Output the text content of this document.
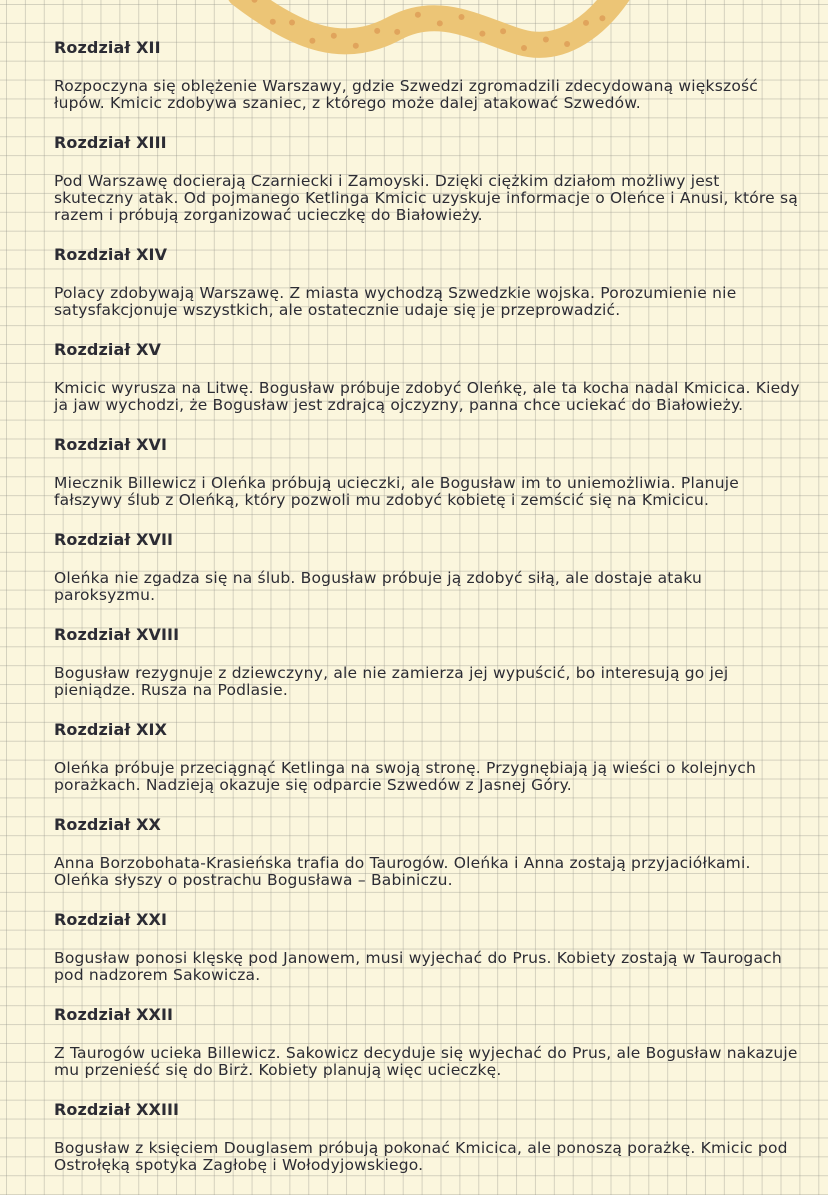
Rozdział XII
Rozpoczyna się oblężenie Warszawy, gdzie Szwedzi zgromadzili zdecydowaną większość łupów. Kmicic zdobywa szaniec, z którego może dalej atakować Szwedów.
Rozdział XIII
Pod Warszawę docierają Czarniecki i Zamoyski. Dzięki ciężkim działom możliwy jest skuteczny atak. Od pojmanego Ketlinga Kmicic uzyskuje informacje o Oleńce i Anusi, które są razem i próbują zorganizować ucieczkę do Białowieży.
Rozdział XIV
Polacy zdobywają Warszawę. Z miasta wychodzą Szwedzkie wojska. Porozumienie nie satysfakcjonuje wszystkich, ale ostatecznie udaje się je przeprowadzić.
Rozdział XV
Kmicic wyrusza na Litwę. Bogusław próbuje zdobyć Oleńkę, ale ta kocha nadal Kmicica. Kiedy ja jaw wychodzi, że Bogusław jest zdrajcą ojczyzny, panna chce uciekać do Białowieży.
Rozdział XVI
Miecznik Billewicz i Oleńka próbują ucieczki, ale Bogusław im to uniemożliwia. Planuje fałszywy ślub z Oleńką, który pozwoli mu zdobyć kobietę i zemścić się na Kmicicu.
Rozdział XVII
Oleńka nie zgadza się na ślub. Bogusław próbuje ją zdobyć siłą, ale dostaje ataku paroksyzmu.
Rozdział XVIII
Bogusław rezygnuje z dziewczyny, ale nie zamierza jej wypuścić, bo interesują go jej pieniądze. Rusza na Podlasie.
Rozdział XIX
Oleńka próbuje przeciągnąć Ketlinga na swoją stronę. Przygnębiają ją wieści o kolejnych porażkach. Nadzieją okazuje się odparcie Szwedów z Jasnej Góry.
Rozdział XX
Anna Borzobohata-Krasieńska trafia do Taurogów. Oleńka i Anna zostają przyjaciółkami. Oleńka słyszy o postrachu Bogusława – Babiniczu.
Rozdział XXI
Bogusław ponosi klęskę pod Janowem, musi wyjechać do Prus. Kobiety zostają w Taurogach pod nadzorem Sakowicza.
Rozdział XXII
Z Taurogów ucieka Billewicz. Sakowicz decyduje się wyjechać do Prus, ale Bogusław nakazuje mu przenieść się do Birż. Kobiety planują więc ucieczkę.
Rozdział XXIII
Bogusław z księciem Douglasem próbują pokonać Kmicica, ale ponoszą porażkę. Kmicic pod Ostrołęką spotyka Zagłobę i Wołodyjowskiego.
